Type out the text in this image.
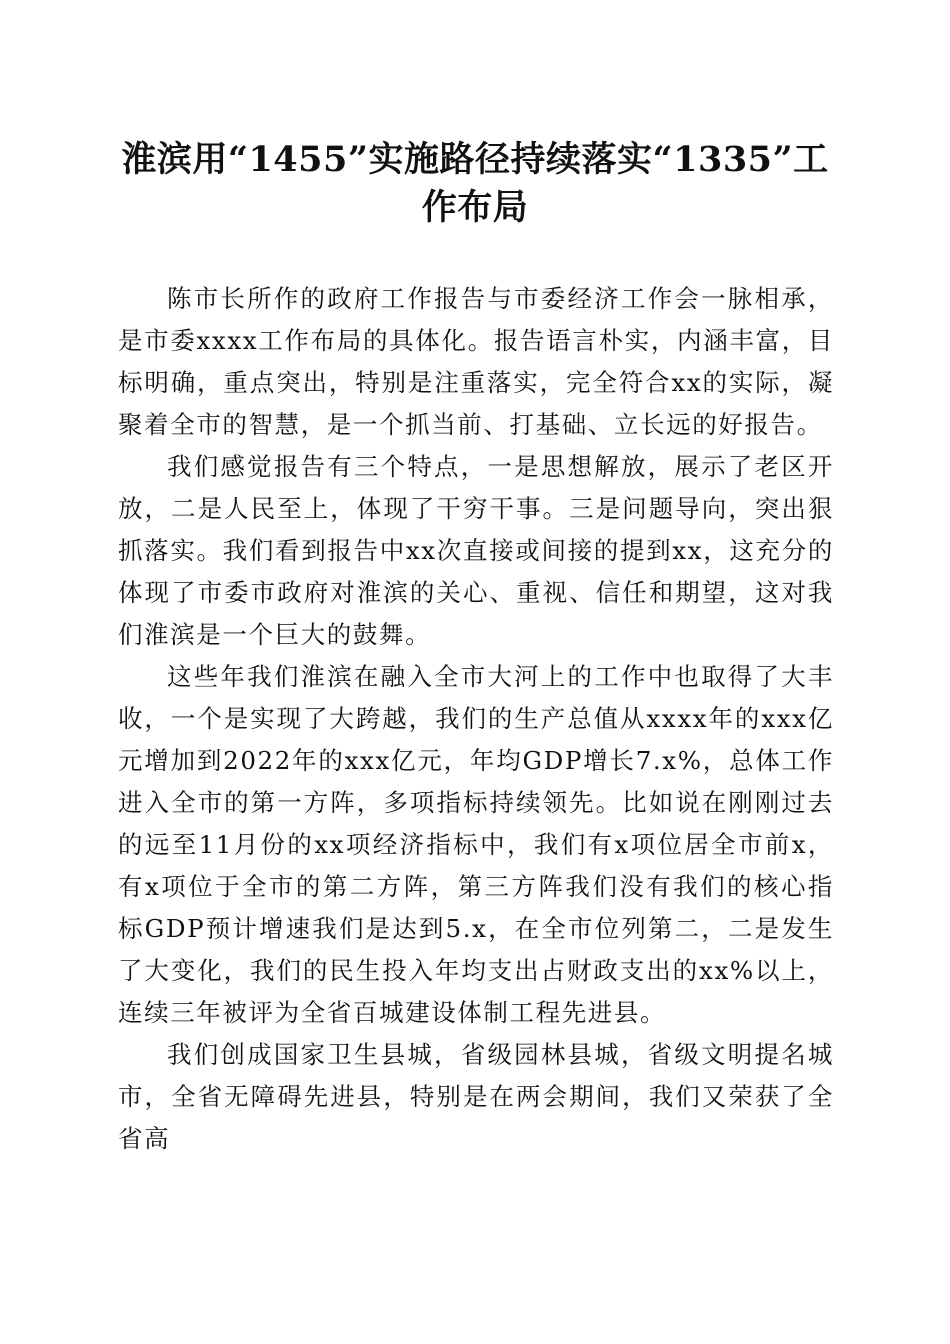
淮滨用“1455”实施路径持续落实“1335”工作布局

陈市长所作的政府工作报告与市委经济工作会一脉相承，是市委xxxx工作布局的具体化。报告语言朴实，内涵丰富，目标明确，重点突出，特别是注重落实，完全符合xx的实际，凝聚着全市的智慧，是一个抓当前、打基础、立长远的好报告。

我们感觉报告有三个特点，一是思想解放，展示了老区开放，二是人民至上，体现了干穷干事。三是问题导向，突出狠抓落实。我们看到报告中xx次直接或间接的提到xx，这充分的体现了市委市政府对淮滨的关心、重视、信任和期望，这对我们淮滨是一个巨大的鼓舞。

这些年我们淮滨在融入全市大河上的工作中也取得了大丰收，一个是实现了大跨越，我们的生产总值从xxxx年的xxx亿元增加到2022年的xxx亿元，年均GDP增长7.x%，总体工作进入全市的第一方阵，多项指标持续领先。比如说在刚刚过去的远至11月份的xx项经济指标中，我们有x项位居全市前x，有x项位于全市的第二方阵，第三方阵我们没有我们的核心指标GDP预计增速我们是达到5.x，在全市位列第二，二是发生了大变化，我们的民生投入年均支出占财政支出的xx%以上，连续三年被评为全省百城建设体制工程先进县。

我们创成国家卫生县城，省级园林县城，省级文明提名城市，全省无障碍先进县，特别是在两会期间，我们又荣获了全省高
